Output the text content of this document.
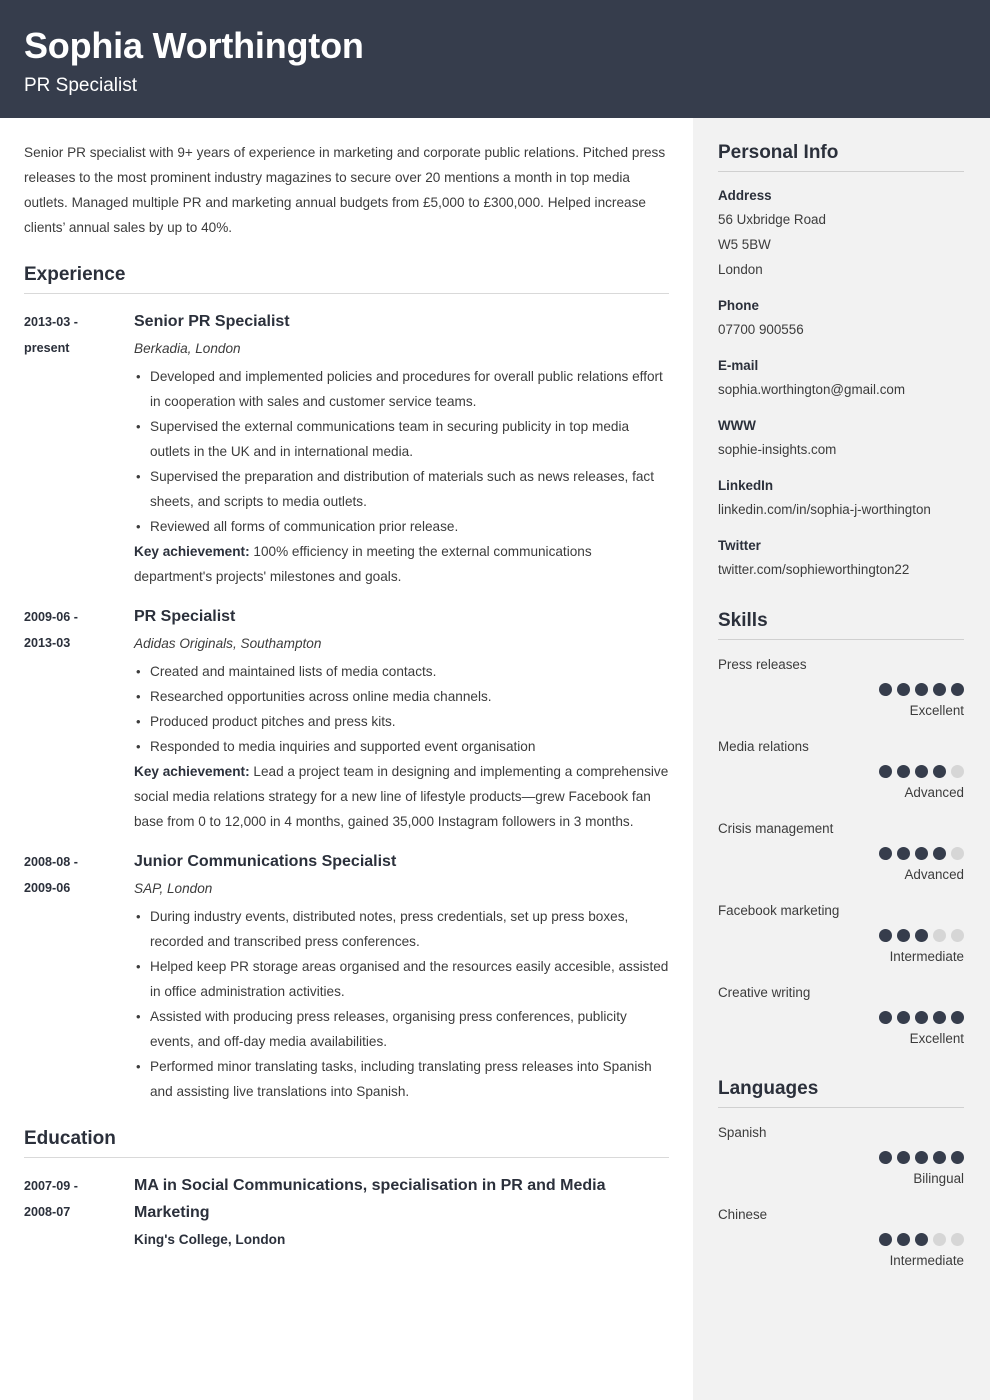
Sophia Worthington
PR Specialist
Senior PR specialist with 9+ years of experience in marketing and corporate public relations. Pitched press releases to the most prominent industry magazines to secure over 20 mentions a month in top media outlets. Managed multiple PR and marketing annual budgets from £5,000 to £300,000. Helped increase clients’ annual sales by up to 40%.
Experience
2013-03 -
present
Senior PR Specialist
Berkadia, London
• Developed and implemented policies and procedures for overall public relations effort in cooperation with sales and customer service teams.
• Supervised the external communications team in securing publicity in top media outlets in the UK and in international media.
• Supervised the preparation and distribution of materials such as news releases, fact sheets, and scripts to media outlets.
• Reviewed all forms of communication prior release.
Key achievement: 100% efficiency in meeting the external communications department's projects' milestones and goals.
2009-06 -
2013-03
PR Specialist
Adidas Originals, Southampton
• Created and maintained lists of media contacts.
• Researched opportunities across online media channels.
• Produced product pitches and press kits.
• Responded to media inquiries and supported event organisation
Key achievement: Lead a project team in designing and implementing a comprehensive social media relations strategy for a new line of lifestyle products—grew Facebook fan base from 0 to 12,000 in 4 months, gained 35,000 Instagram followers in 3 months.
2008-08 -
2009-06
Junior Communications Specialist
SAP, London
• During industry events, distributed notes, press credentials, set up press boxes, recorded and transcribed press conferences.
• Helped keep PR storage areas organised and the resources easily accesible, assisted in office administration activities.
• Assisted with producing press releases, organising press conferences, publicity events, and off-day media availabilities.
• Performed minor translating tasks, including translating press releases into Spanish and assisting live translations into Spanish.
Education
2007-09 -
2008-07
MA in Social Communications, specialisation in PR and Media Marketing
King's College, London
Personal Info
Address
56 Uxbridge Road
W5 5BW
London
Phone
07700 900556
E-mail
sophia.worthington@gmail.com
WWW
sophie-insights.com
LinkedIn
linkedin.com/in/sophia-j-worthington
Twitter
twitter.com/sophieworthington22
Skills
Press releases
Excellent
Media relations
Advanced
Crisis management
Advanced
Facebook marketing
Intermediate
Creative writing
Excellent
Languages
Spanish
Bilingual
Chinese
Intermediate
